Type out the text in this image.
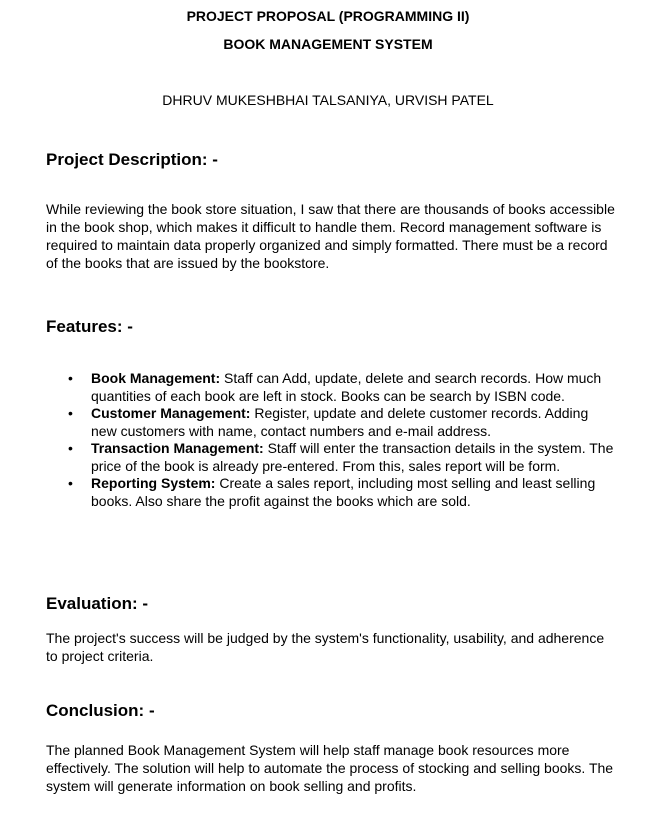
PROJECT PROPOSAL (PROGRAMMING II)
BOOK MANAGEMENT SYSTEM
DHRUV MUKESHBHAI TALSANIYA, URVISH PATEL
Project Description: -

While reviewing the book store situation, I saw that there are thousands of books accessible in the book shop, which makes it difficult to handle them. Record management software is required to maintain data properly organized and simply formatted. There must be a record of the books that are issued by the bookstore.

Features: -
• Book Management: Staff can Add, update, delete and search records. How much quantities of each book are left in stock. Books can be search by ISBN code.
• Customer Management: Register, update and delete customer records. Adding new customers with name, contact numbers and e-mail address.
• Transaction Management: Staff will enter the transaction details in the system. The price of the book is already pre-entered. From this, sales report will be form.
• Reporting System: Create a sales report, including most selling and least selling books. Also share the profit against the books which are sold.
Evaluation: -

The project's success will be judged by the system's functionality, usability, and adherence to project criteria.

Conclusion: -

The planned Book Management System will help staff manage book resources more effectively. The solution will help to automate the process of stocking and selling books. The system will generate information on book selling and profits.
